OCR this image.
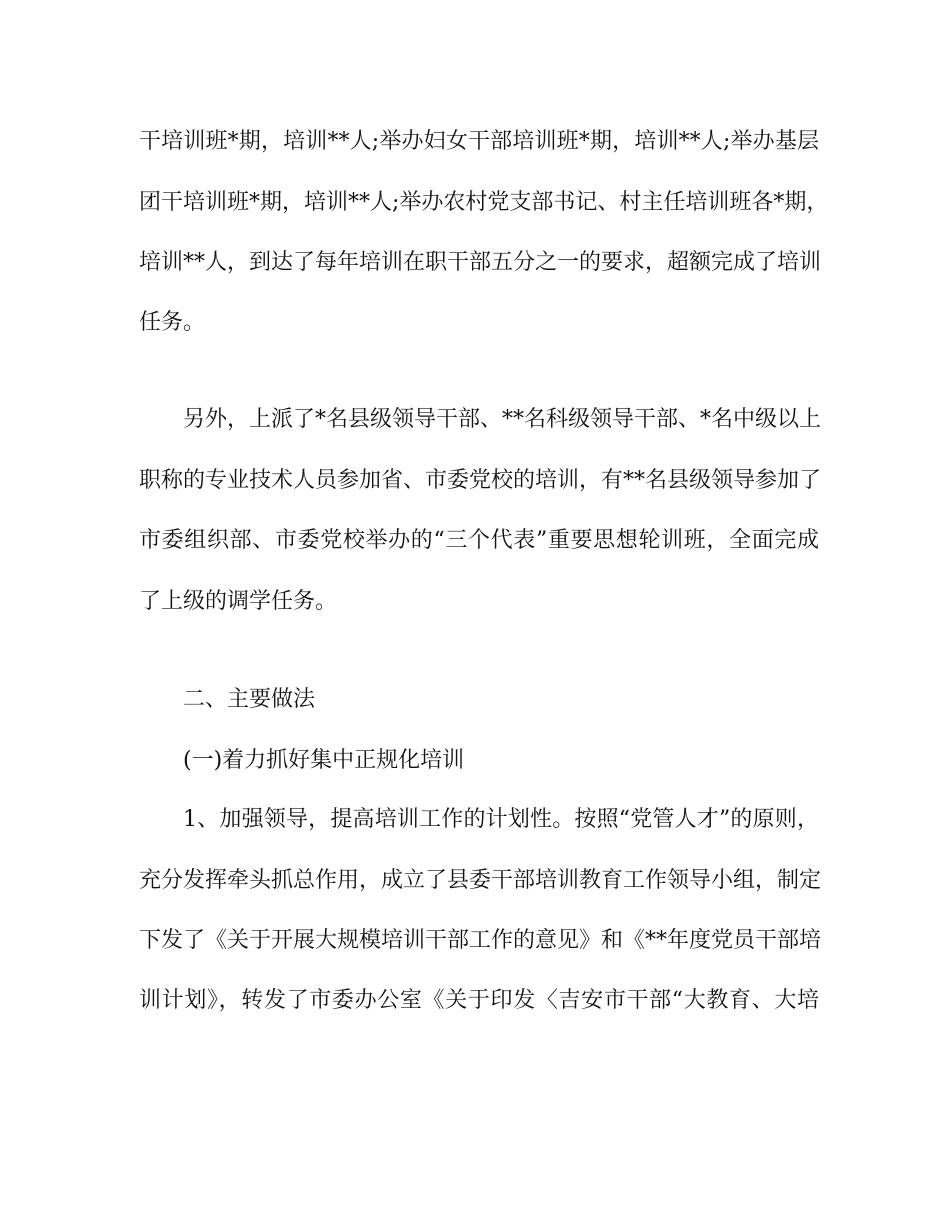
干培训班*期，培训**人;举办妇女干部培训班*期，培训**人;举办基层
团干培训班*期，培训**人;举办农村党支部书记、村主任培训班各*期，
培训**人，到达了每年培训在职干部五分之一的要求，超额完成了培训
任务。
另外，上派了*名县级领导干部、**名科级领导干部、*名中级以上
职称的专业技术人员参加省、市委党校的培训，有**名县级领导参加了
市委组织部、市委党校举办的“三个代表”重要思想轮训班，全面完成
了上级的调学任务。
二、主要做法
(一)着力抓好集中正规化培训
1、加强领导，提高培训工作的计划性。按照“党管人才”的原则，
充分发挥牵头抓总作用，成立了县委干部培训教育工作领导小组，制定
下发了《关于开展大规模培训干部工作的意见》和《**年度党员干部培
训计划》，转发了市委办公室《关于印发〈吉安市干部“大教育、大培
